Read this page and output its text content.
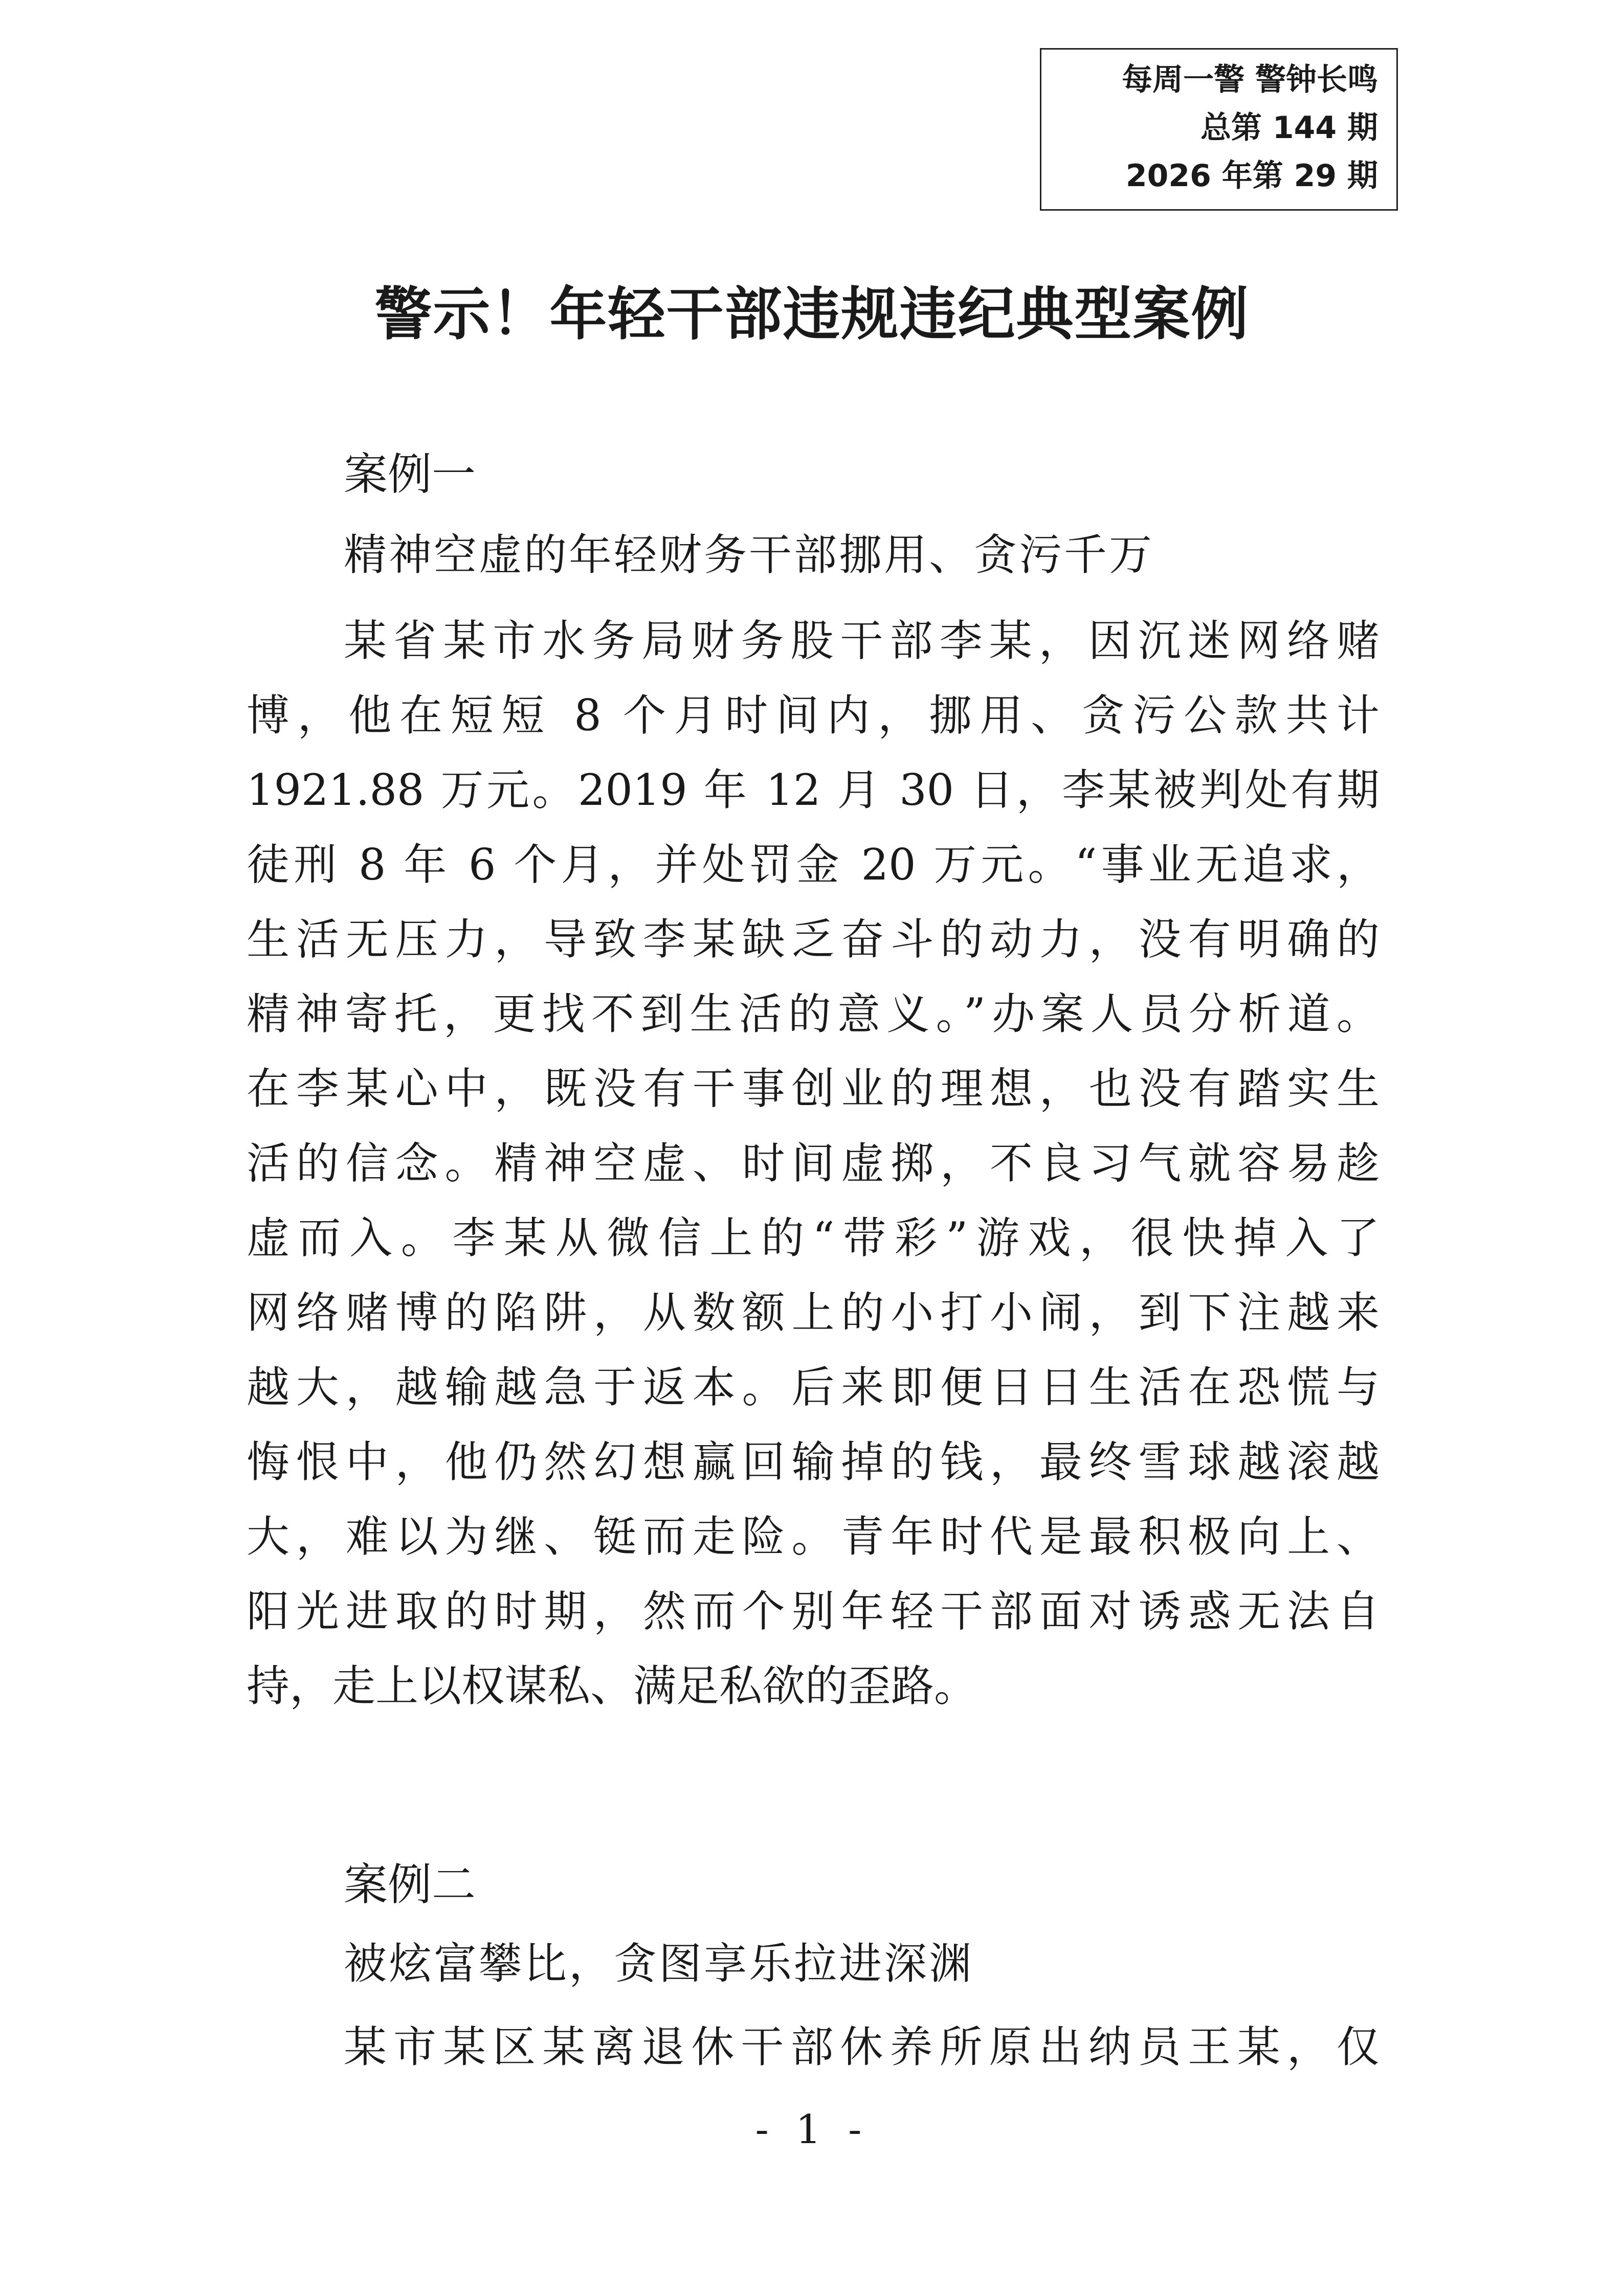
每周一警 警钟长鸣
总第 144 期
2026 年第 29 期
警示！年轻干部违规违纪典型案例
案例一
精神空虚的年轻财务干部挪用、贪污千万
某省某市水务局财务股干部李某，因沉迷网络赌
博，他在短短 8 个月时间内，挪用、贪污公款共计
1921.88 万元。2019 年 12 月 30 日，李某被判处有期
徒刑 8 年 6 个月，并处罚金 20 万元。“事业无追求，
生活无压力，导致李某缺乏奋斗的动力，没有明确的
精神寄托，更找不到生活的意义。”办案人员分析道。
在李某心中，既没有干事创业的理想，也没有踏实生
活的信念。精神空虚、时间虚掷，不良习气就容易趁
虚而入。李某从微信上的“带彩”游戏，很快掉入了
网络赌博的陷阱，从数额上的小打小闹，到下注越来
越大，越输越急于返本。后来即便日日生活在恐慌与
悔恨中，他仍然幻想赢回输掉的钱，最终雪球越滚越
大，难以为继、铤而走险。青年时代是最积极向上、
阳光进取的时期，然而个别年轻干部面对诱惑无法自
持，走上以权谋私、满足私欲的歪路。
案例二
被炫富攀比，贪图享乐拉进深渊
某市某区某离退休干部休养所原出纳员王某，仅
- 1 -
